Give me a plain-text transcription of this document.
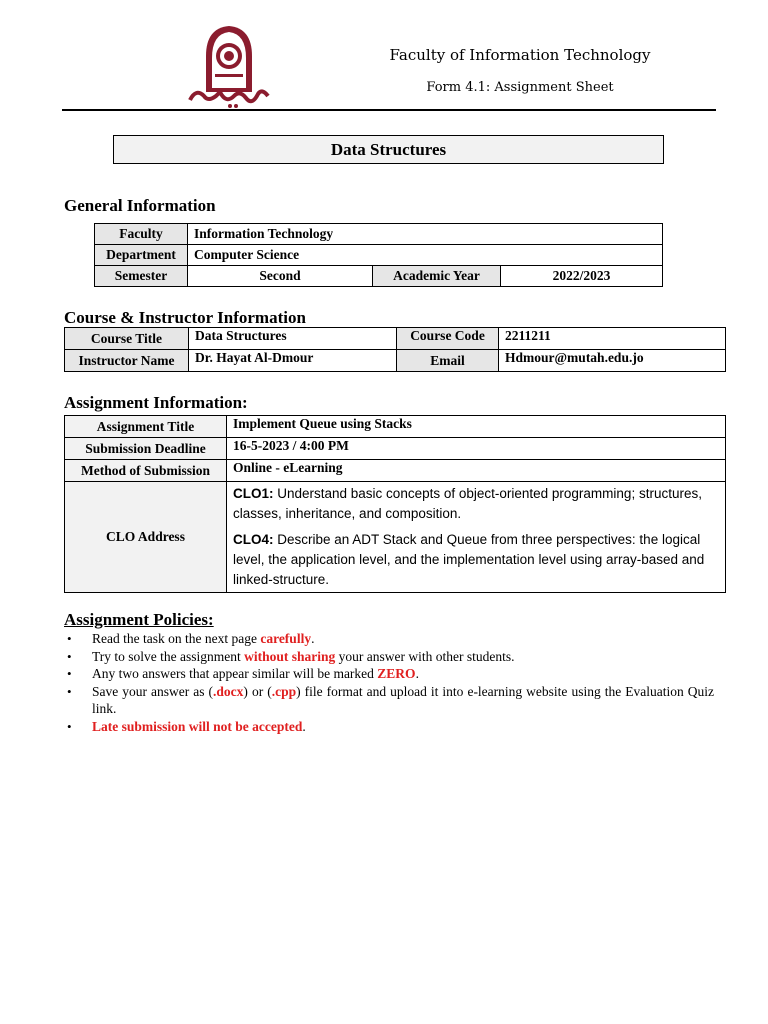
Faculty of Information Technology
Form 4.1: Assignment Sheet
Data Structures
General Information
Faculty	Information Technology		
Department	Computer Science		
Semester	Second	Academic Year	2022/2023
Course & Instructor Information
Course Title	Data Structures	Course Code	2211211
Instructor Name	Dr. Hayat Al-Dmour	Email	Hdmour@mutah.edu.jo
Assignment Information:
Assignment Title	Implement Queue using Stacks
Submission Deadline	16-5-2023 / 4:00 PM
Method of Submission	Online - eLearning
CLO Address	CLO1: Understand basic concepts of object-oriented programming; structures, classes, inheritance, and composition.
CLO4: Describe an ADT Stack and Queue from three perspectives: the logical level, the application level, and the implementation level using array-based and linked-structure.
Assignment Policies:
• Read the task on the next page carefully.
• Try to solve the assignment without sharing your answer with other students.
• Any two answers that appear similar will be marked ZERO.
• Save your answer as (.docx) or (.cpp) file format and upload it into e-learning website using the Evaluation Quiz link.
• Late submission will not be accepted.
